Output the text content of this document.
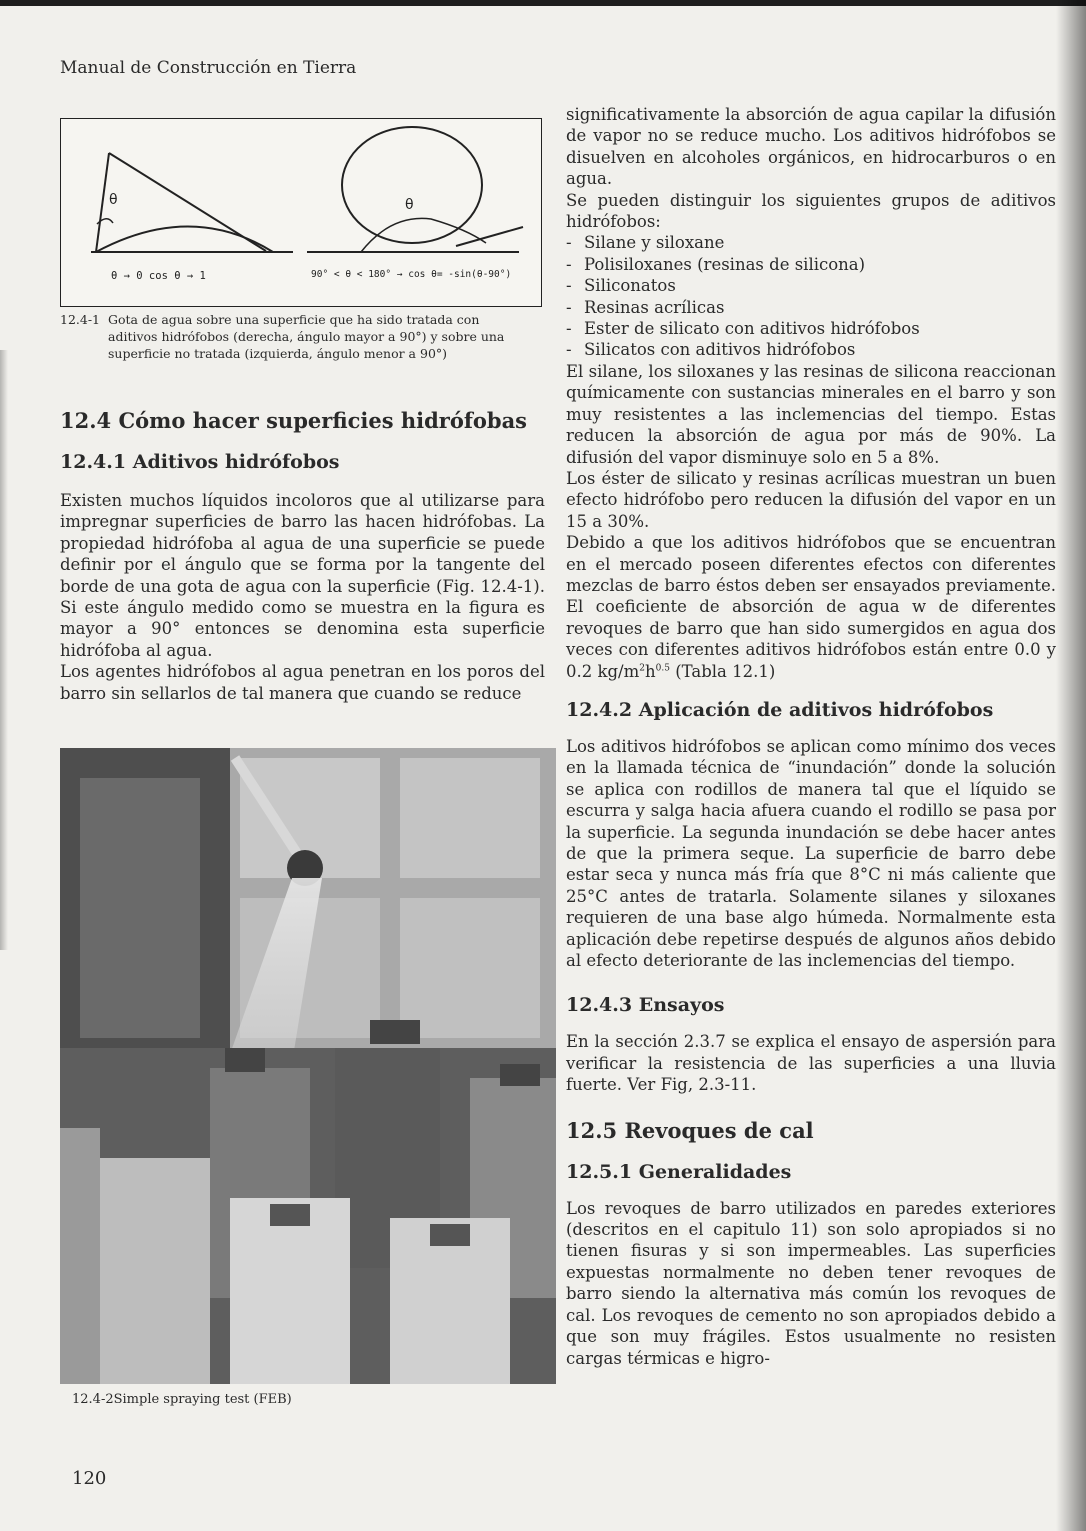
Manual de Construcción en Tierra
θ	θ
θ → 0 cos θ → 1	90° < θ < 180° → cos θ= -sin(θ-90°)
12.4-1 Gota de agua sobre una superficie que ha sido tratada con aditivos hidrófobos (derecha, ángulo mayor a 90°) y sobre una superficie no tratada (izquierda, ángulo menor a 90°)
12.4 Cómo hacer superficies hidrófobas
12.4.1 Aditivos hidrófobos

Existen muchos líquidos incoloros que al utilizarse para impregnar superficies de barro las hacen hidrófobas. La propiedad hidrófoba al agua de una superficie se puede definir por el ángulo que se forma por la tangente del borde de una gota de agua con la superficie (Fig. 12.4-1). Si este ángulo medido como se muestra en la figura es mayor a 90° entonces se denomina esta superficie hidrófoba al agua.

Los agentes hidrófobos al agua penetran en los poros del barro sin sellarlos de tal manera que cuando se reduce

12.4-2Simple spraying test (FEB)

significativamente la absorción de agua capilar la difusión de vapor no se reduce mucho. Los aditivos hidrófobos se disuelven en alcoholes orgánicos, en hidrocarburos o en agua.

Se pueden distinguir los siguientes grupos de aditivos hidrófobos:

- Silane y siloxane
- Polisiloxanes (resinas de silicona)
- Siliconatos
- Resinas acrílicas
- Ester de silicato con aditivos hidrófobos
- Silicatos con aditivos hidrófobos

El silane, los siloxanes y las resinas de silicona reaccionan químicamente con sustancias minerales en el barro y son muy resistentes a las inclemencias del tiempo. Estas reducen la absorción de agua por más de 90%. La difusión del vapor disminuye solo en 5 a 8%.

Los éster de silicato y resinas acrílicas muestran un buen efecto hidrófobo pero reducen la difusión del vapor en un 15 a 30%.

Debido a que los aditivos hidrófobos que se encuentran en el mercado poseen diferentes efectos con diferentes mezclas de barro éstos deben ser ensayados previamente. El coeficiente de absorción de agua w de diferentes revoques de barro que han sido sumergidos en agua dos veces con diferentes aditivos hidrófobos están entre 0.0 y 0.2 $kg/m^2h^{0.5}$ (Tabla 12.1)

12.4.2 Aplicación de aditivos hidrófobos

Los aditivos hidrófobos se aplican como mínimo dos veces en la llamada técnica de “inundación” donde la solución se aplica con rodillos de manera tal que el líquido se escurra y salga hacia afuera cuando el rodillo se pasa por la superficie. La segunda inundación se debe hacer antes de que la primera seque. La superficie de barro debe estar seca y nunca más fría que 8°C ni más caliente que 25°C antes de tratarla. Solamente silanes y siloxanes requieren de una base algo húmeda. Normalmente esta aplicación debe repetirse después de algunos años debido al efecto deteriorante de las inclemencias del tiempo.

12.4.3 Ensayos

En la sección 2.3.7 se explica el ensayo de aspersión para verificar la resistencia de las superficies a una lluvia fuerte. Ver Fig, 2.3-11.

12.5 Revoques de cal
12.5.1 Generalidades

Los revoques de barro utilizados en paredes exteriores (descritos en el capitulo 11) son solo apropiados si no tienen fisuras y si son impermeables. Las superficies expuestas normalmente no deben tener revoques de barro siendo la alternativa más común los revoques de cal. Los revoques de cemento no son apropiados debido a que son muy frágiles. Estos usualmente no resisten cargas térmicas e higro-

120
